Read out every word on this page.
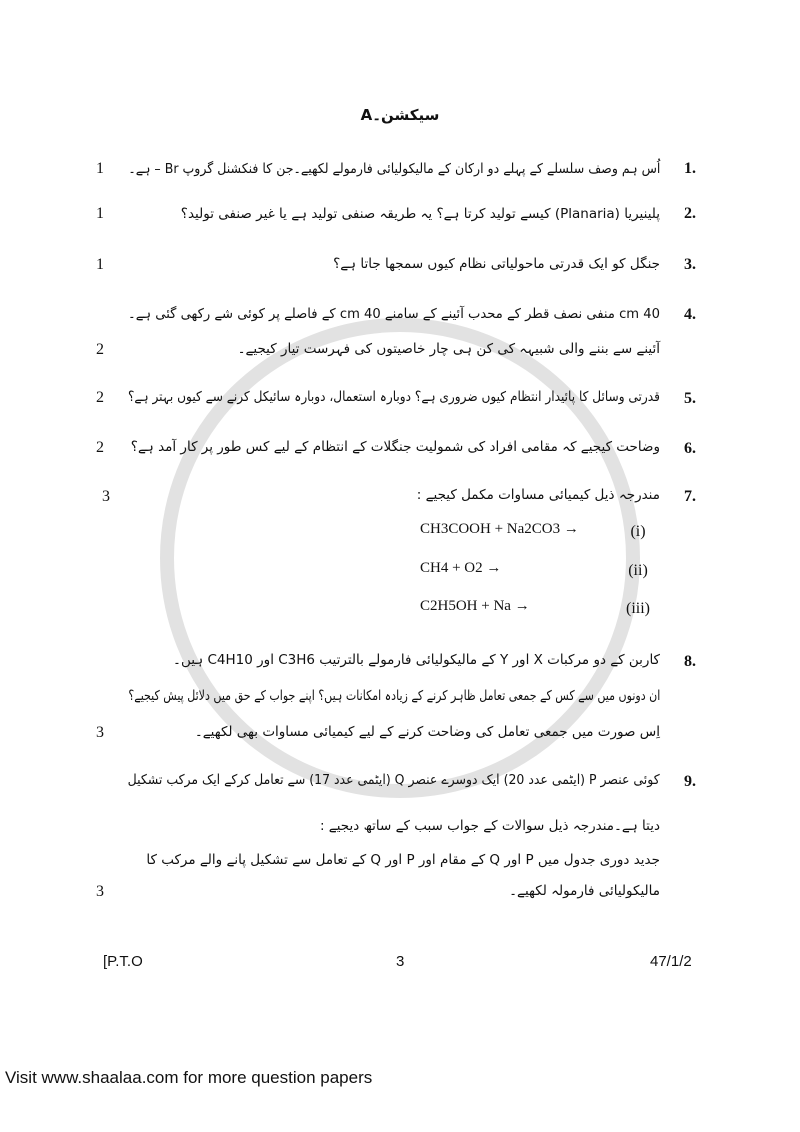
سیکشن۔A
1.
اُس ہم وصف سلسلے کے پہلے دو ارکان کے مالیکولیائی فارمولے لکھیے۔جن کا فنکشنل گروپ Br – ہے۔
1
2.
پلینیریا (Planaria) کیسے تولید کرتا ہے؟ یہ طریقہ صنفی تولید ہے یا غیر صنفی تولید؟
1
3.
جنگل کو ایک قدرتی ماحولیاتی نظام کیوں سمجھا جاتا ہے؟
1
4.
40 cm منفی نصف قطر کے محدب آئینے کے سامنے 40 cm کے فاصلے پر کوئی شے رکھی گئی ہے۔
آئینے سے بننے والی شبیہہ کی کن ہی چار خاصیتوں کی فہرست تیار کیجیے۔
2
5.
قدرتی وسائل کا پائیدار انتظام کیوں ضروری ہے؟ دوبارہ استعمال، دوبارہ سائیکل کرنے سے کیوں بہتر ہے؟
2
6.
وضاحت کیجیے کہ مقامی افراد کی شمولیت جنگلات کے انتظام کے لیے کس طور پر کار آمد ہے؟
2
7.
مندرجہ ذیل کیمیائی مساوات مکمل کیجیے :
3
CH3COOH + Na2CO3 →	(i)
CH4 + O2 →	(ii)
C2H5OH + Na →	(iii)
8.
کاربن کے دو مرکبات X اور Y کے مالیکولیائی فارمولے بالترتیب C3H6 اور C4H10 ہیں۔
ان دونوں میں سے کس کے جمعی تعامل ظاہر کرنے کے زیادہ امکانات ہیں؟ اپنے جواب کے حق میں دلائل پیش کیجیے؟
اِس صورت میں جمعی تعامل کی وضاحت کرنے کے لیے کیمیائی مساوات بھی لکھیے۔
3
9.
کوئی عنصر P (ایٹمی عدد 20) ایک دوسرے عنصر Q (ایٹمی عدد 17) سے تعامل کرکے ایک مرکب تشکیل
دیتا ہے۔مندرجہ ذیل سوالات کے جواب سبب کے ساتھ دیجیے :
جدید دوری جدول میں P اور Q کے مقام اور P اور Q کے تعامل سے تشکیل پانے والے مرکب کا
مالیکولیائی فارمولہ لکھیے۔
3
[P.T.O	3	47/1/2
Visit www.shaalaa.com for more question papers
